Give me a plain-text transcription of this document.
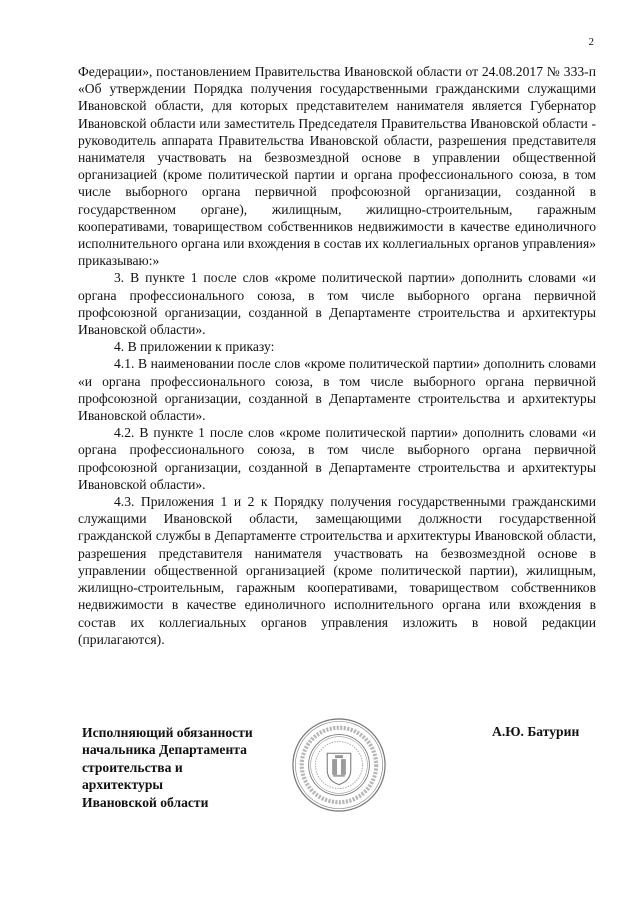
2

Федерации», постановлением Правительства Ивановской области от 24.08.2017 № 333-п «Об утверждении Порядка получения государственными гражданскими служащими Ивановской области, для которых представителем нанимателя является Губернатор Ивановской области или заместитель Председателя Правительства Ивановской области - руководитель аппарата Правительства Ивановской области, разрешения представителя нанимателя участвовать на безвозмездной основе в управлении общественной организацией (кроме политической партии и органа профессионального союза, в том числе выборного органа первичной профсоюзной организации, созданной в государственном органе), жилищным, жилищно-строительным, гаражным кооперативами, товариществом собственников недвижимости в качестве единоличного исполнительного органа или вхождения в состав их коллегиальных органов управления» приказываю:»

3. В пункте 1 после слов «кроме политической партии» дополнить словами «и органа профессионального союза, в том числе выборного органа первичной профсоюзной организации, созданной в Департаменте строительства и архитектуры Ивановской области».

4. В приложении к приказу:

4.1. В наименовании после слов «кроме политической партии» дополнить словами «и органа профессионального союза, в том числе выборного органа первичной профсоюзной организации, созданной в Департаменте строительства и архитектуры Ивановской области».

4.2. В пункте 1 после слов «кроме политической партии» дополнить словами «и органа профессионального союза, в том числе выборного органа первичной профсоюзной организации, созданной в Департаменте строительства и архитектуры Ивановской области».

4.3. Приложения 1 и 2 к Порядку получения государственными гражданскими служащими Ивановской области, замещающими должности государственной гражданской службы в Департаменте строительства и архитектуры Ивановской области, разрешения представителя нанимателя участвовать на безвозмездной основе в управлении общественной организацией (кроме политической партии), жилищным, жилищно-строительным, гаражным кооперативами, товариществом собственников недвижимости в качестве единоличного исполнительного органа или вхождения в состав их коллегиальных органов управления изложить в новой редакции (прилагаются).

Исполняющий обязанности
начальника Департамента
строительства и
архитектуры
Ивановской области
А.Ю. Батурин
